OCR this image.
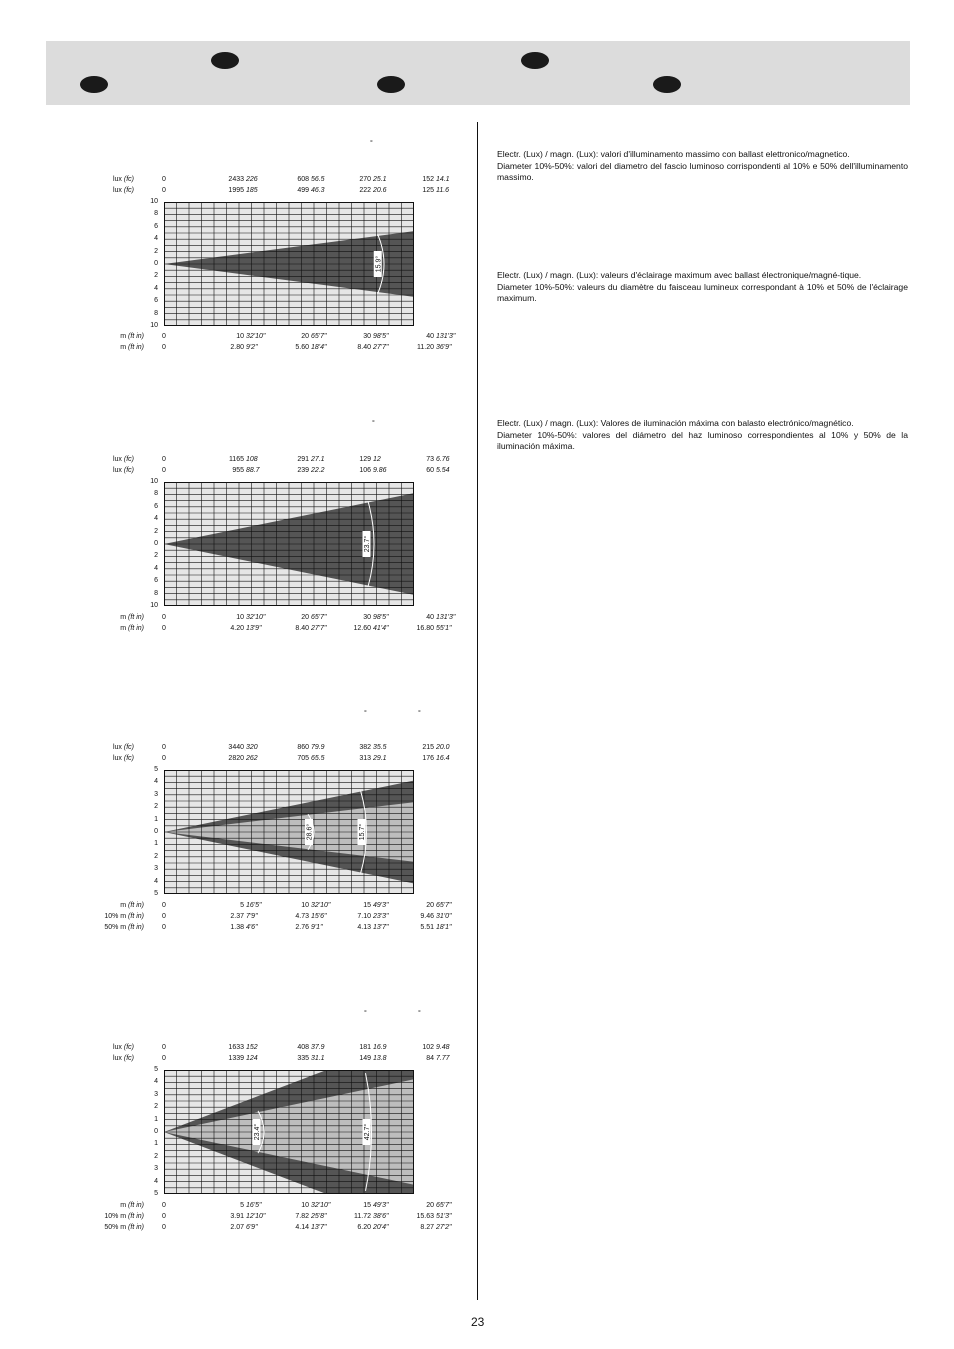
Electr. (Lux) / magn. (Lux): valori d'illuminamento massimo con ballast elettronico/magnetico.

Diameter 10%-50%: valori del diametro del fascio luminoso corrispondenti al 10% e 50% dell'illuminamento massimo.

Electr. (Lux) / magn. (Lux): valeurs d'éclairage maximum avec ballast électronique/magné-tique.

Diameter 10%-50%: valeurs du diamètre du faisceau lumineux correspondant à 10% et 50% de l'éclairage maximum.

Electr. (Lux) / magn. (Lux): Valores de iluminación máxima con balasto electrónico/magnético.

Diameter 10%-50%: valores del diámetro del haz luminoso correspondientes al 10% y 50% de la iluminación máxima.

°
lux (fc)	0	2433 226	608 56.5	270 25.1	152 14.1
lux (fc)	0	1995 185	499 46.3	222 20.6	125 11.6
10
8
6
4
2
0
2
4
6
8
10
15.9°
m (ft in)	0	10 32'10"	20 65'7"	30 98'5"	40 131'3"
m (ft in)	0	2.80 9'2"	5.60 18'4"	8.40 27'7"	11.20 36'9"
°
lux (fc)	0	1165 108	291 27.1	129 12	73 6.76
lux (fc)	0	955 88.7	239 22.2	106 9.86	60 5.54
10
8
6
4
2
0
2
4
6
8
10
23.7°
m (ft in)	0	10 32'10"	20 65'7"	30 98'5"	40 131'3"
m (ft in)	0	4.20 13'9"	8.40 27'7"	12.60 41'4"	16.80 55'1"
°	°
lux (fc)	0	3440 320	860 79.9	382 35.5	215 20.0
lux (fc)	0	2820 262	705 65.5	313 29.1	176 16.4
5
4
3
2
1
0
1
2
3
4
5
15.7°
28.6°
m (ft in)	0	5 16'5"	10 32'10"	15 49'3"	20 65'7"
10% m (ft in)	0	2.37 7'9"	4.73 15'6"	7.10 23'3"	9.46 31'0"
50% m (ft in)	0	1.38 4'6"	2.76 9'1"	4.13 13'7"	5.51 18'1"
°	°
lux (fc)	0	1633 152	408 37.9	181 16.9	102 9.48
lux (fc)	0	1339 124	335 31.1	149 13.8	84 7.77
5
4
3
2
1
0
1
2
3
4
5
42.7°
23.4°
m (ft in)	0	5 16'5"	10 32'10"	15 49'3"	20 65'7"
10% m (ft in)	0	3.91 12'10"	7.82 25'8"	11.72 38'6"	15.63 51'3"
50% m (ft in)	0	2.07 6'9"	4.14 13'7"	6.20 20'4"	8.27 27'2"
23
